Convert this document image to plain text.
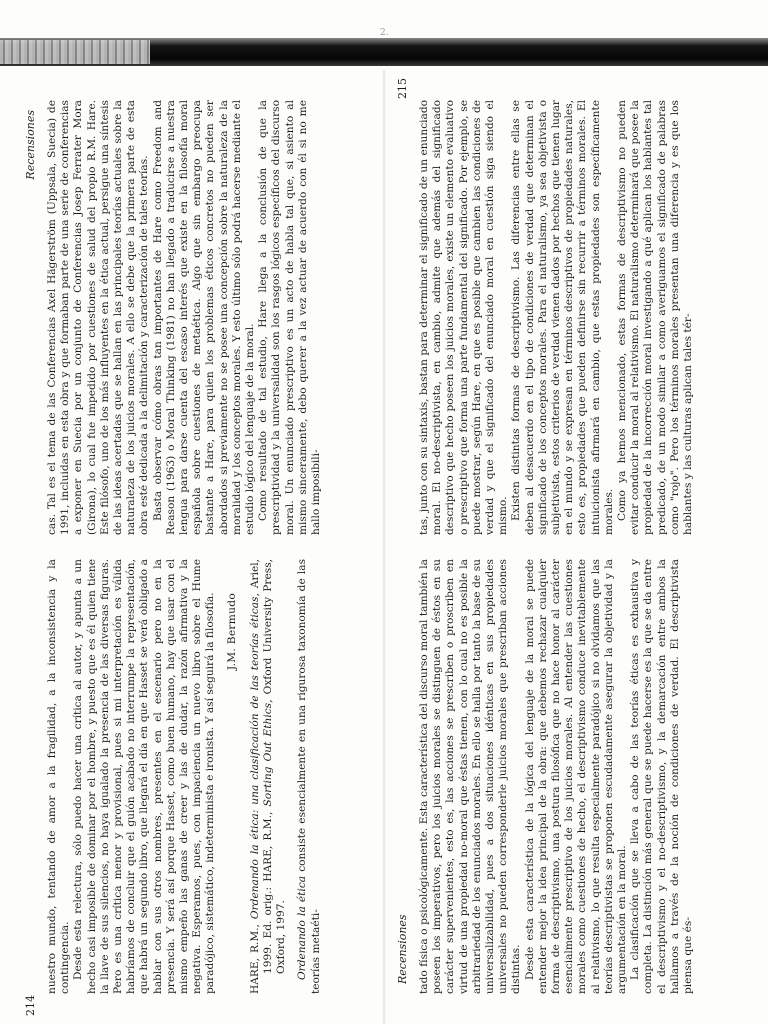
2.
214
Recensiones

nuestro mundo, tentando de amor a la fragilidad, a la inconsistencia y la contingencia. Desde esta relectura, sólo puedo hacer una crítica al autor, y apunta a un hecho casi imposible de dominar por el hombre, y puesto que es él quien tiene la llave de sus silencios, no haya igualado la presencia de las diversas figuras. Pero es una crítica menor y provisional, pues si mi interpretación es válida habríamos de concluir que el guión acabado no interrumpe la representación, que habrá un segundo libro, que llegará el día en que Hasset se verá obligado a hablar con sus otros nombres, presentes en el escenario pero no en la presencia. Y será así porque Hasset, como buen humano, hay que usar con el mismo empeño las ganas de creer y las de dudar, la razón afirmativa y la negativa. Esperamos, pues, con impaciencia un nuevo libro sobre el Hume paradójico, sistemático, indeterminista e ironista. Y así seguirá la filosofía. J.M. Bermudo
HARE, R.M., Ordenando la ética: una clasificación de las teorías éticas, Ariel, 1999. Ed. orig.: HARE, R.M., Sorting Out Ethics, Oxford University Press, Oxford, 1997. Ordenando la ética consiste esencialmente en una rigurosa taxonomía de las teorías metaéti-

cas. Tal es el tema de las Conferencias Axel Hägerström (Uppsala, Suecia) de 1991, incluidas en esta obra y que formaban parte de una serie de conferencias a exponer en Suecia por un conjunto de Conferencias Josep Ferrater Mora (Girona), lo cual fue impedido por cuestiones de salud del propio R.M. Hare. Este filósofo, uno de los más influyentes en la ética actual, persigue una síntesis de las ideas acertadas que se hallan en las principales teorías actuales sobre la naturaleza de los juicios morales. A ello se debe que la primera parte de esta obra esté dedicada a la delimitación y caracterización de tales teorías. Basta observar cómo obras tan importantes de Hare como Freedom and Reason (1963) o Moral Thinking (1981) no han llegado a traducirse a nuestra lengua para darse cuenta del escaso interés que existe en la filosofía moral española sobre cuestiones de metaética. Algo que sin embargo preocupa bastante a Hare, para quien los problemas éticos concretos no pueden ser abordados si previamente no se posee una concepción sobre la naturaleza de la moralidad y los conceptos morales. Y esto último sólo podrá hacerse mediante el estudio lógico del lenguaje de la moral. Como resultado de tal estudio, Hare llega a la conclusión de que la prescriptividad y la universalidad son los rasgos lógicos específicos del discurso moral. Un enunciado prescriptivo es un acto de habla tal que, si asiento al mismo sinceramente, debo querer a la vez actuar de acuerdo con él si no me hallo imposibili-

Recensiones
215

tado física o psicológicamente. Esta característica del discurso moral también la poseen los imperativos, pero los juicios morales se distinguen de éstos en su carácter supervenientes, esto es, las acciones se prescriben o proscriben en virtud de una propiedad no-moral que éstas tienen, con lo cual no es posible la arbitrariedad de los enunciados morales. En ello se halla por tanto la base de su universalizabilidad, pues a dos situaciones idénticas en sus propiedades universales no pueden corresponderle juicios morales que prescriban acciones distintas. Desde esta característica de la lógica del lenguaje de la moral se puede entender mejor la idea principal de la obra: que debemos rechazar cualquier forma de descriptivismo, una postura filosófica que no hace honor al carácter esencialmente prescriptivo de los juicios morales. Al entender las cuestiones morales como cuestiones de hecho, el descriptivismo conduce inevitablemente al relativismo, lo que resulta especialmente paradójico si no olvidamos que las teorías descriptivistas se proponen escudadamente asegurar la objetividad y la argumentación en la moral. La clasificación que se lleva a cabo de las teorías éticas es exhaustiva y completa. La distinción más general que se puede hacerse es la que se da entre el descriptivismo y el no-descriptivismo, y la demarcación entre ambos la hallamos a través de la noción de condiciones de verdad. El descriptivista piensa que és-

tas, junto con su sintaxis, bastan para determinar el significado de un enunciado moral. El no-descriptivista, en cambio, admite que además del significado descriptivo que hecho poseen los juicios morales, existe un elemento evaluativo o prescriptivo que forma una parte fundamental del significado. Por ejemplo, se puede mostrar, según Hare, en que es posible que cambien las condiciones de verdad y que el significado del enunciado moral en cuestión siga siendo el mismo. Existen distintas formas de descriptivismo. Las diferencias entre ellas se deben al desacuerdo en el tipo de condiciones de verdad que determinan el significado de los conceptos morales. Para el naturalismo, ya sea objetivista o subjetivista, estos criterios de verdad vienen dados por hechos que tienen lugar en el mundo y se expresan en términos descriptivos de propiedades naturales, esto es, propiedades que pueden definirse sin recurrir a términos morales. El intuicionista afirmará en cambio, que estas propiedades son específicamente morales. Como ya hemos mencionado, estas formas de descriptivismo no pueden evitar conducir la moral al relativismo. El naturalismo determinará que posee la propiedad de la incorrección moral investigando a qué aplican los hablantes tal predicado, de un modo similar a como averiguamos el significado de palabras como "rojo". Pero los términos morales presentan una diferencia y es que los hablantes y las culturas aplican tales tér-
